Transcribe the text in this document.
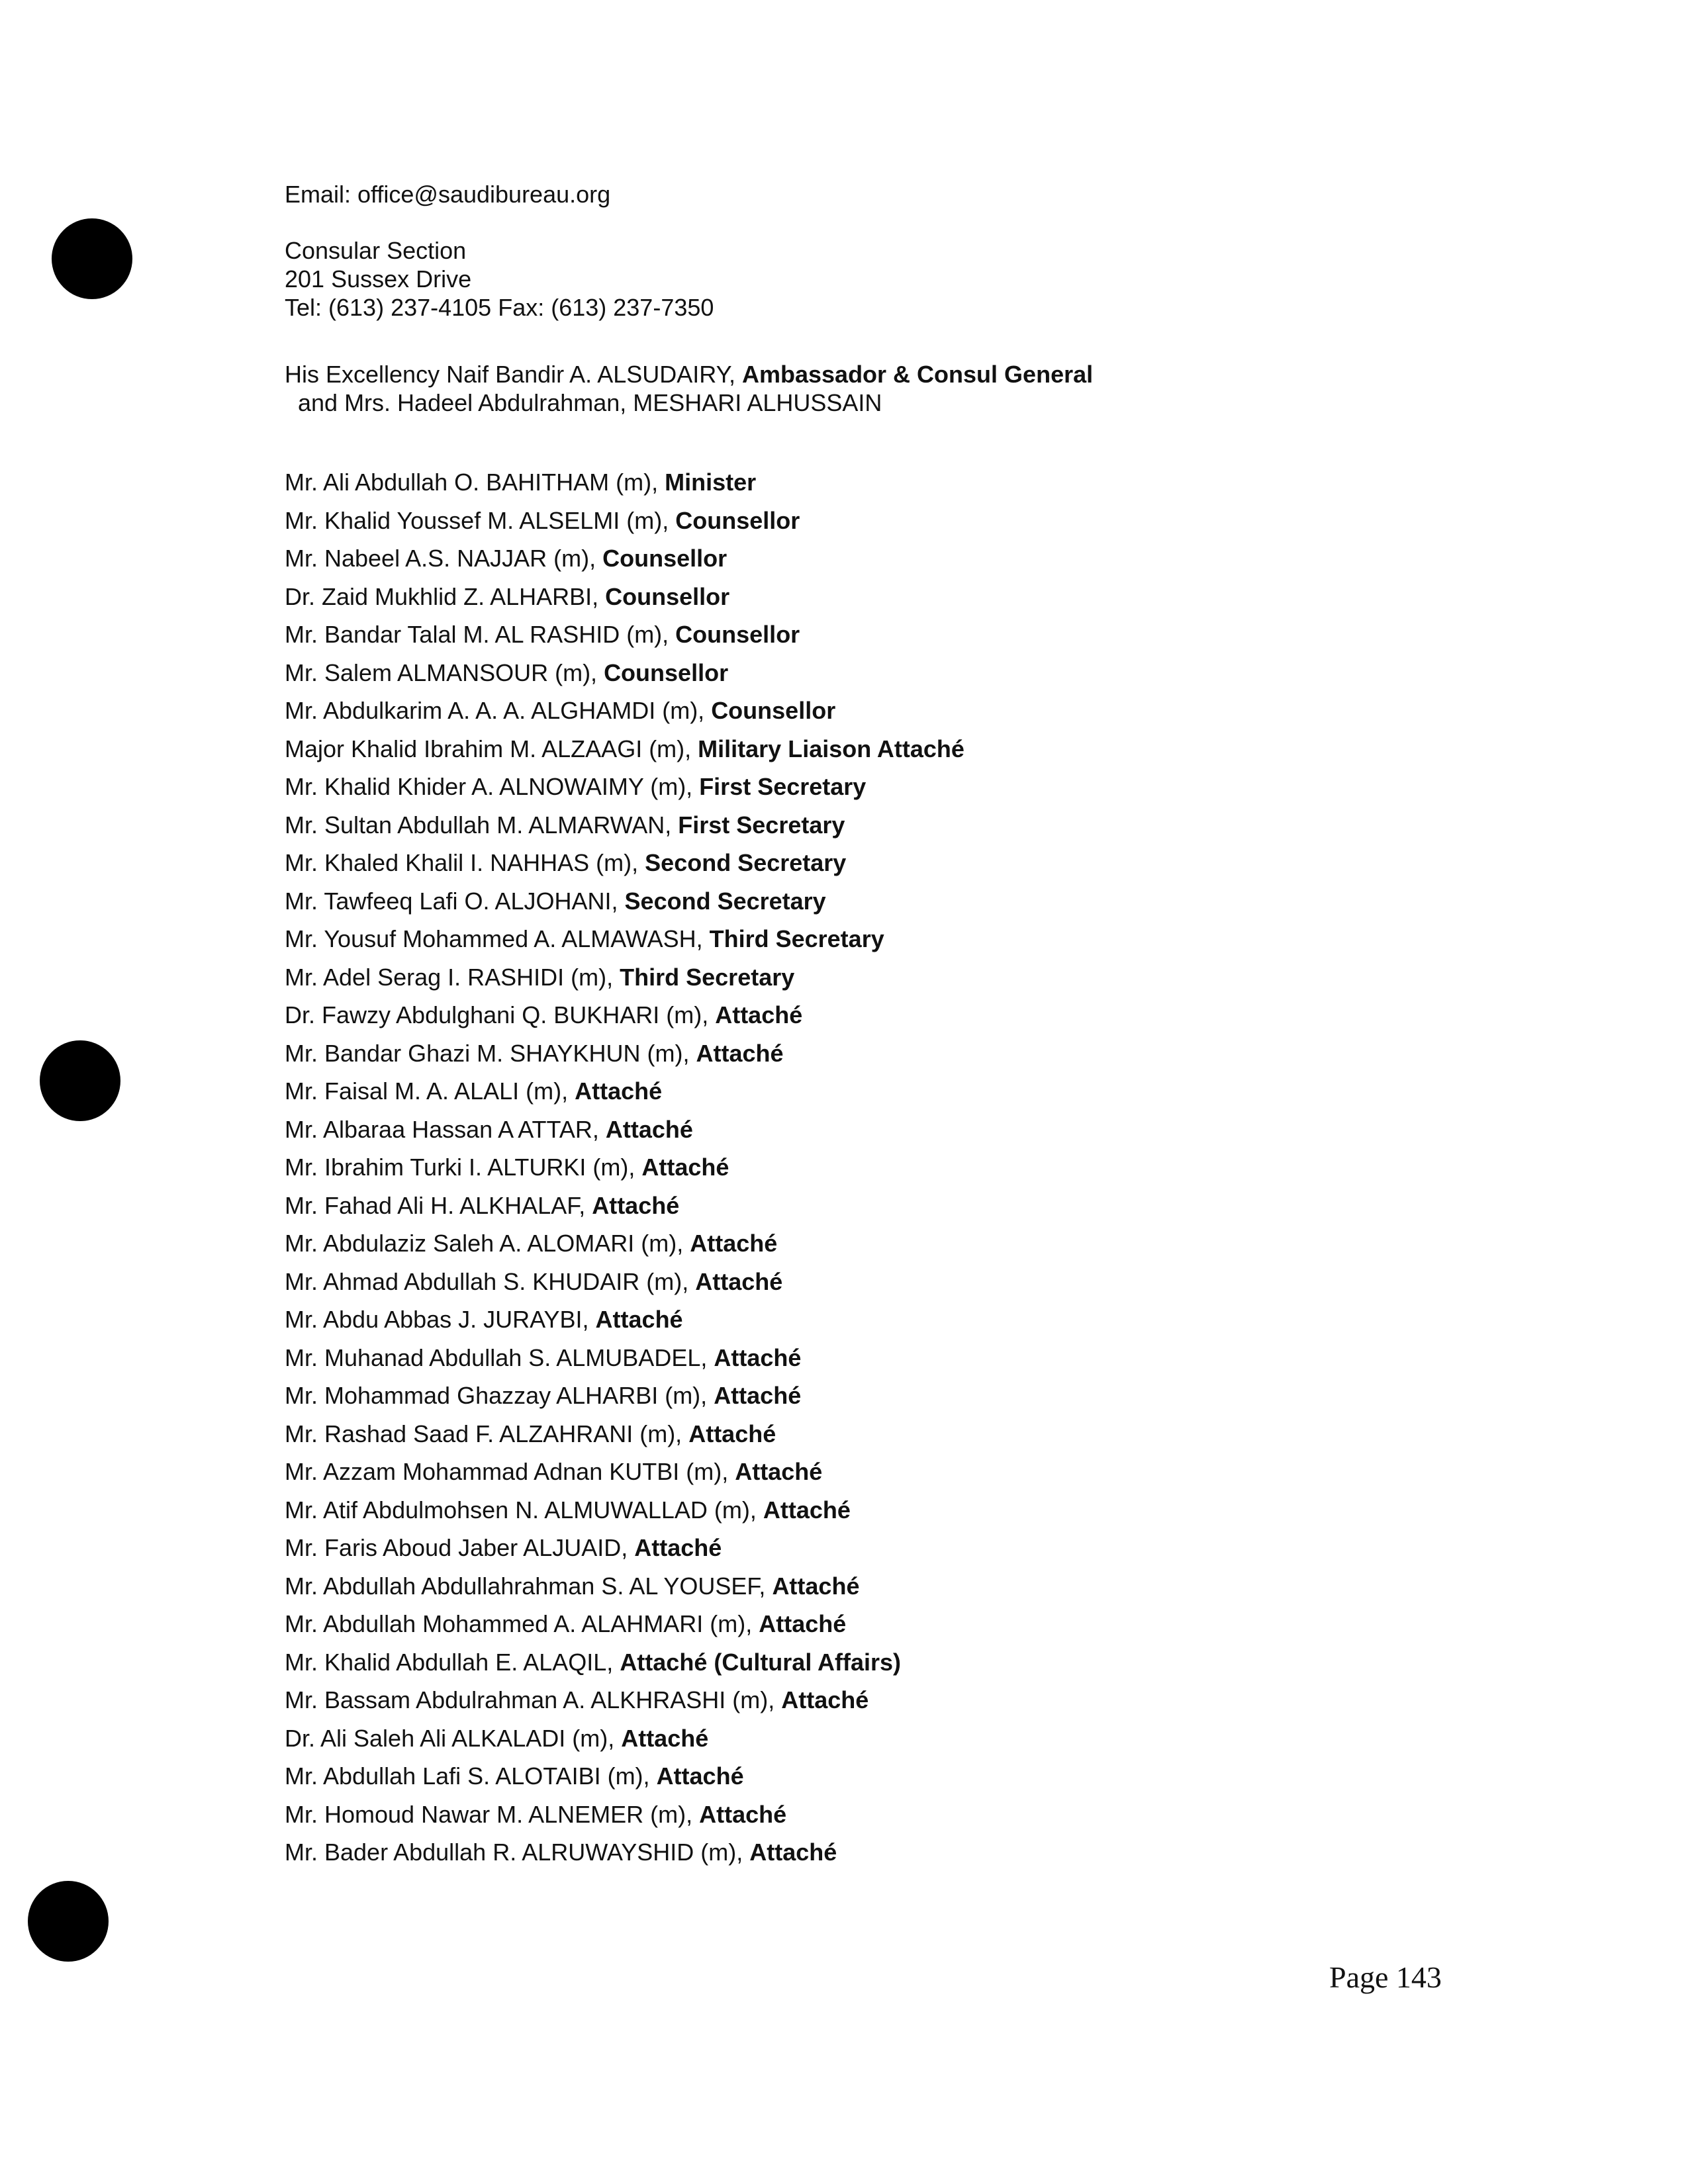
Email: office@saudibureau.org
Consular Section
201 Sussex Drive
Tel: (613) 237-4105 Fax: (613) 237-7350
His Excellency Naif Bandir A. ALSUDAIRY, Ambassador & Consul General
and Mrs. Hadeel Abdulrahman, MESHARI ALHUSSAIN
Mr. Ali Abdullah O. BAHITHAM (m), Minister
Mr. Khalid Youssef M. ALSELMI (m), Counsellor
Mr. Nabeel A.S. NAJJAR (m), Counsellor
Dr. Zaid Mukhlid Z. ALHARBI, Counsellor
Mr. Bandar Talal M. AL RASHID (m), Counsellor
Mr. Salem ALMANSOUR (m), Counsellor
Mr. Abdulkarim A. A. A. ALGHAMDI (m), Counsellor
Major Khalid Ibrahim M. ALZAAGI (m), Military Liaison Attaché
Mr. Khalid Khider A. ALNOWAIMY (m), First Secretary
Mr. Sultan Abdullah M. ALMARWAN, First Secretary
Mr. Khaled Khalil I. NAHHAS (m), Second Secretary
Mr. Tawfeeq Lafi O. ALJOHANI, Second Secretary
Mr. Yousuf Mohammed A. ALMAWASH, Third Secretary
Mr. Adel Serag I. RASHIDI (m), Third Secretary
Dr. Fawzy Abdulghani Q. BUKHARI (m), Attaché
Mr. Bandar Ghazi M. SHAYKHUN (m), Attaché
Mr. Faisal M. A. ALALI (m), Attaché
Mr. Albaraa Hassan A ATTAR, Attaché
Mr. Ibrahim Turki I. ALTURKI (m), Attaché
Mr. Fahad Ali H. ALKHALAF, Attaché
Mr. Abdulaziz Saleh A. ALOMARI (m), Attaché
Mr. Ahmad Abdullah S. KHUDAIR (m), Attaché
Mr. Abdu Abbas J. JURAYBI, Attaché
Mr. Muhanad Abdullah S. ALMUBADEL, Attaché
Mr. Mohammad Ghazzay ALHARBI (m), Attaché
Mr. Rashad Saad F. ALZAHRANI (m), Attaché
Mr. Azzam Mohammad Adnan KUTBI (m), Attaché
Mr. Atif Abdulmohsen N. ALMUWALLAD (m), Attaché
Mr. Faris Aboud Jaber ALJUAID, Attaché
Mr. Abdullah Abdullahrahman S. AL YOUSEF, Attaché
Mr. Abdullah Mohammed A. ALAHMARI (m), Attaché
Mr. Khalid Abdullah E. ALAQIL, Attaché (Cultural Affairs)
Mr. Bassam Abdulrahman A. ALKHRASHI (m), Attaché
Dr. Ali Saleh Ali ALKALADI (m), Attaché
Mr. Abdullah Lafi S. ALOTAIBI (m), Attaché
Mr. Homoud Nawar M. ALNEMER (m), Attaché
Mr. Bader Abdullah R. ALRUWAYSHID (m), Attaché
Page 143
